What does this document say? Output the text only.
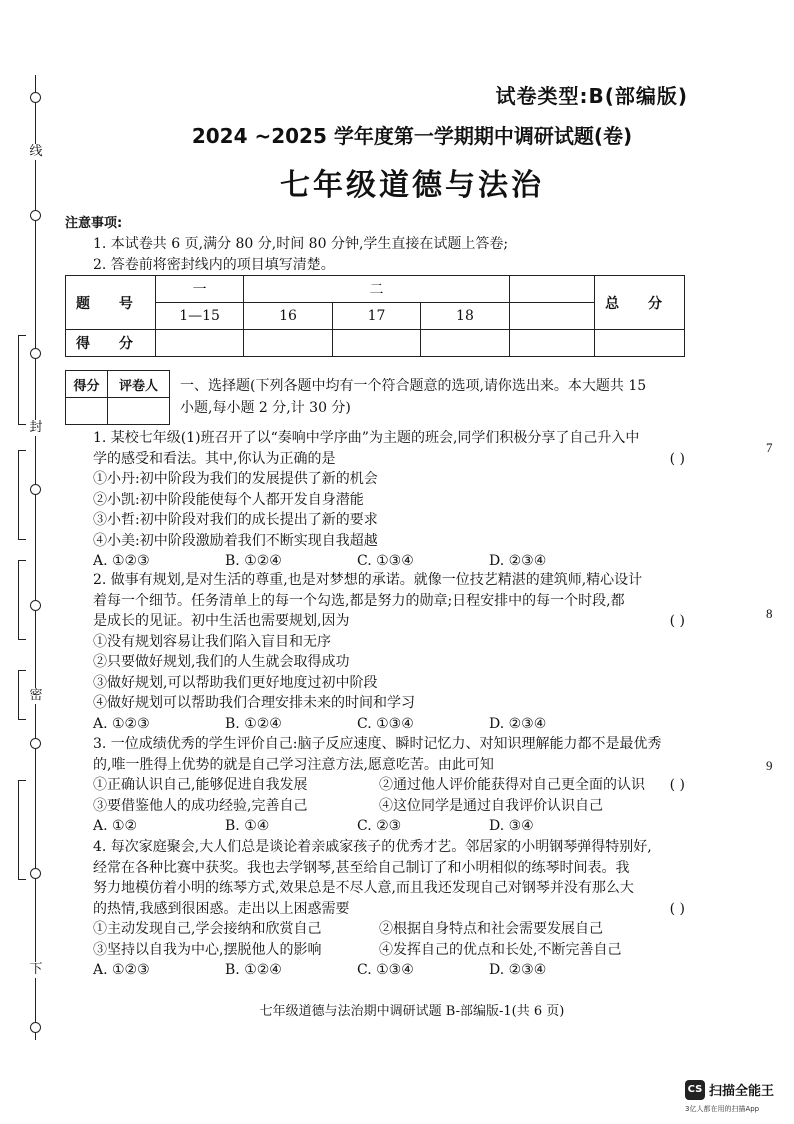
线
封
密
下
7
8
9
试卷类型:B(部编版)
2024 ~2025 学年度第一学期期中调研试题(卷)
七年级道德与法治
注意事项:
1. 本试卷共 6 页,满分 80 分,时间 80 分钟,学生直接在试题上答卷;
2. 答卷前将密封线内的项目填写清楚。
题 号	一	二				总 分
	1—15	16	17	18		
得 分						
得分	评卷人
	一、选择题(下列各题中均有一个符合题意的选项,请你选出来。本大题共 15

小题,每小题 2 分,计 30 分)

1. 某校七年级(1)班召开了以“奏响中学序曲”为主题的班会,同学们积极分享了自己升入中

学的感受和看法。其中,你认为正确的是	( )

①小丹:初中阶段为我们的发展提供了新的机会

②小凯:初中阶段能使每个人都开发自身潜能

③小哲:初中阶段对我们的成长提出了新的要求

④小美:初中阶段激励着我们不断实现自我超越

A. ①②③	B. ①②④	C. ①③④	D. ②③④

2. 做事有规划,是对生活的尊重,也是对梦想的承诺。就像一位技艺精湛的建筑师,精心设计

着每一个细节。任务清单上的每一个勾选,都是努力的勋章;日程安排中的每一个时段,都

是成长的见证。初中生活也需要规划,因为	( )

①没有规划容易让我们陷入盲目和无序

②只要做好规划,我们的人生就会取得成功

③做好规划,可以帮助我们更好地度过初中阶段

④做好规划可以帮助我们合理安排未来的时间和学习

A. ①②③	B. ①②④	C. ①③④	D. ②③④

3. 一位成绩优秀的学生评价自己:脑子反应速度、瞬时记忆力、对知识理解能力都不是最优秀

的,唯一胜得上优势的就是自己学习注意方法,愿意吃苦。由此可知

①正确认识自己,能够促进自我发展	②通过他人评价能获得对自己更全面的认识	( )
③要借鉴他人的成功经验,完善自己	④这位同学是通过自我评价认识自己
A. ①②	B. ①④	C. ②③	D. ③④

4. 每次家庭聚会,大人们总是谈论着亲戚家孩子的优秀才艺。邻居家的小明钢琴弹得特别好,

经常在各种比赛中获奖。我也去学钢琴,甚至给自己制订了和小明相似的练琴时间表。我

努力地模仿着小明的练琴方式,效果总是不尽人意,而且我还发现自己对钢琴并没有那么大

的热情,我感到很困惑。走出以上困惑需要	( )

①主动发现自己,学会接纳和欣赏自己	②根据自身特点和社会需要发展自己
③坚持以自我为中心,摆脱他人的影响	④发挥自己的优点和长处,不断完善自己
A. ①②③	B. ①②④	C. ①③④	D. ②③④
七年级道德与法治期中调研试题 B-部编版-1(共 6 页)
CS 扫描全能王
3亿人都在用的扫描App
